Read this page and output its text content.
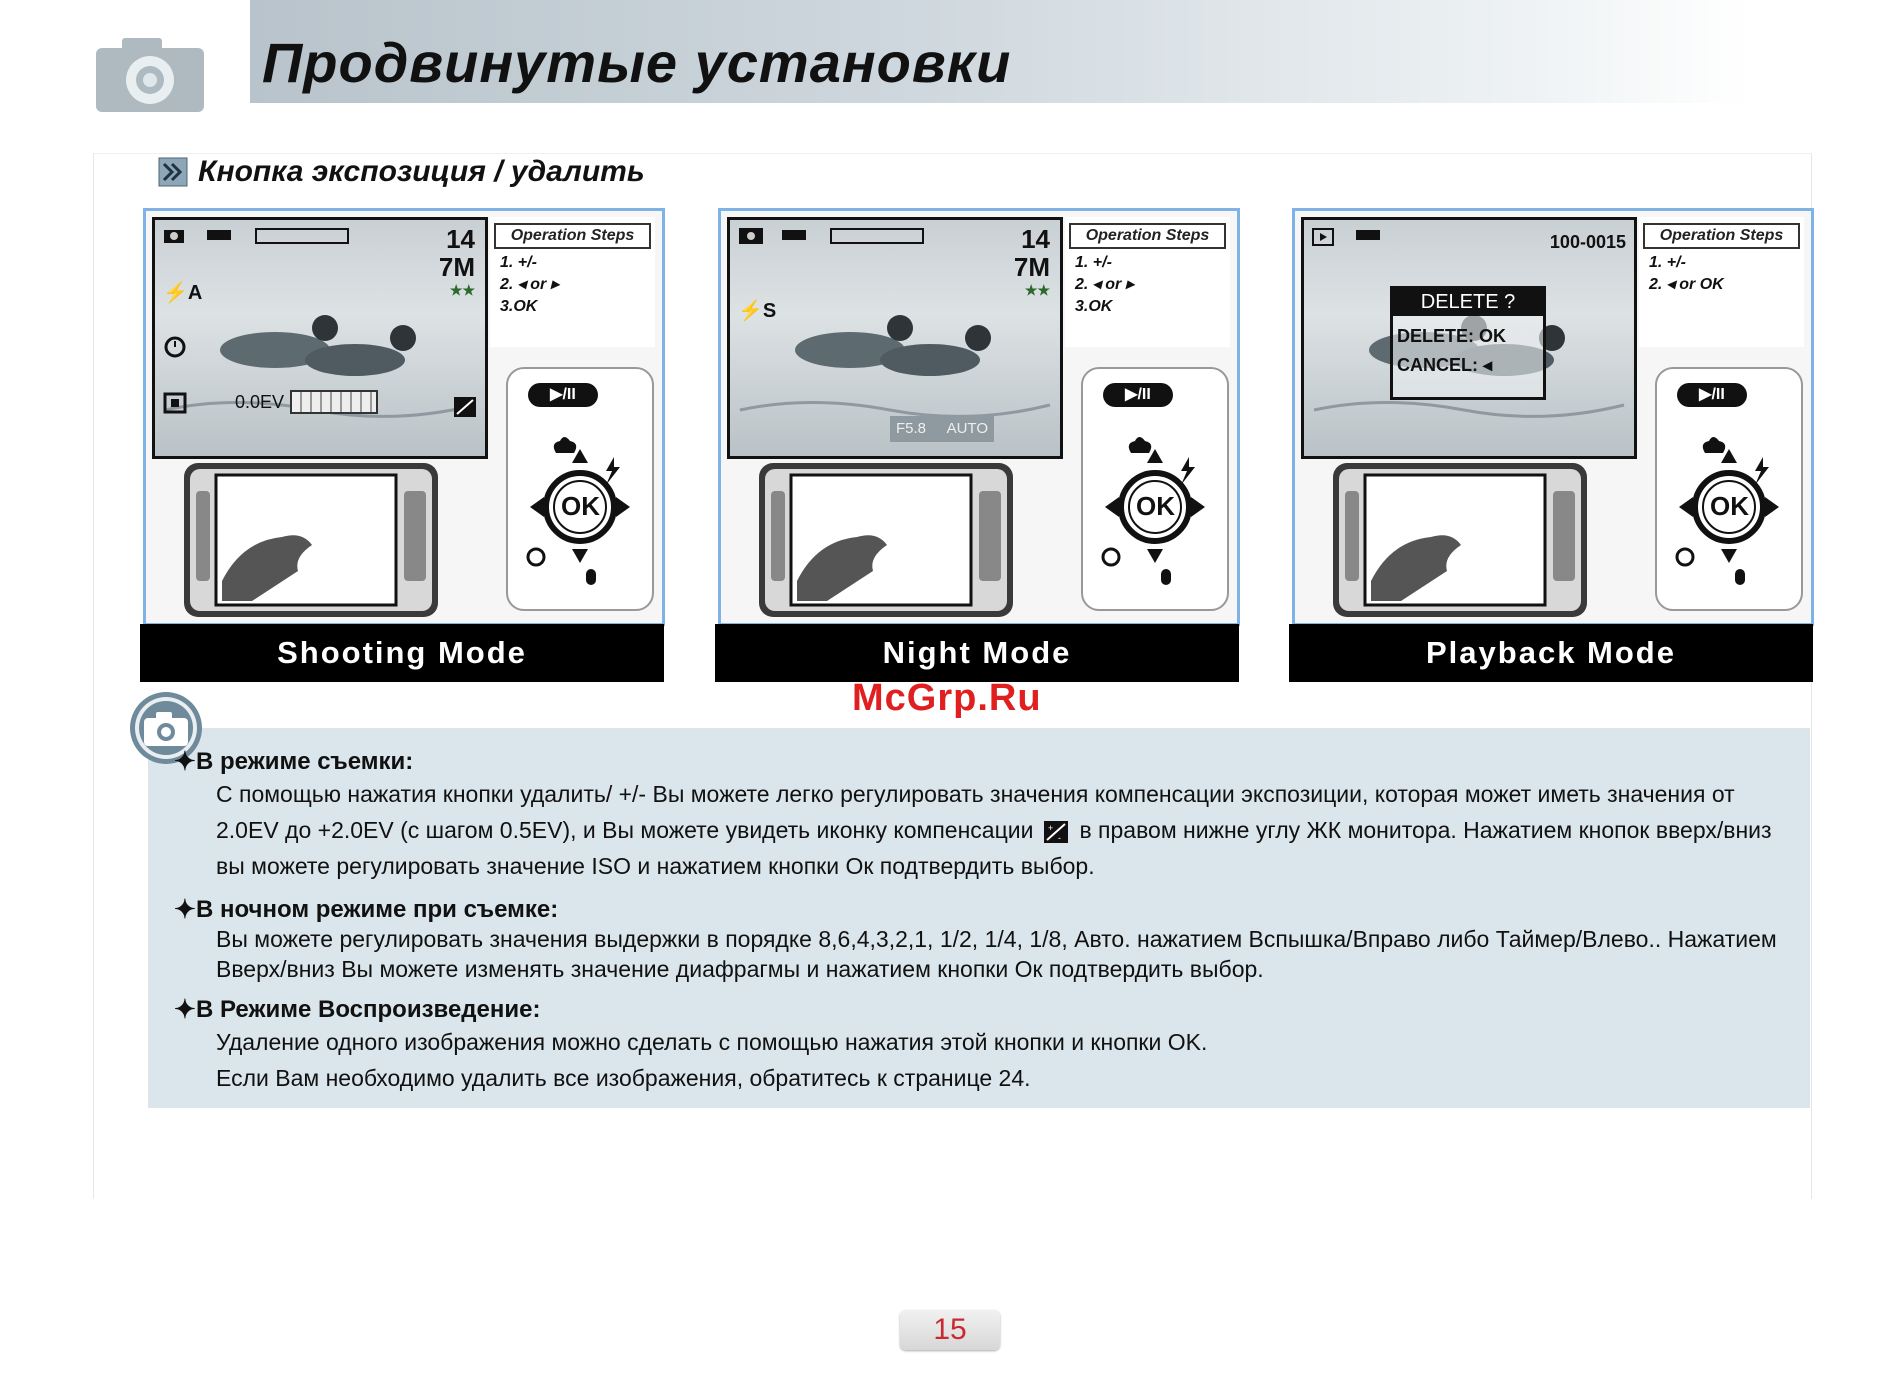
Продвинутые установки
Кнопка экспозиция / удалить
14
7M
★★
⚡A
0.0EV
Operation Steps
1. +/-
2. ◂ or ▸
3.OK
▶/II
OK
Shooting Mode
14
7M
★★
⚡S
F5.8 AUTO
Operation Steps
1. +/-
2. ◂ or ▸
3.OK
▶/II
OK
Night Mode
100-0015
DELETE ?
DELETE: OK
CANCEL: ◂
Operation Steps
1. +/-
2. ◂ or OK
▶/II
OK
Playback Mode
McGrp.Ru
✦ В режиме съемки:
С помощью нажатия кнопки удалить/ +/- Вы можете легко регулировать значения компенсации экспозиции, которая может иметь значения от 2.0EV до +2.0EV (с шагом 0.5EV), и Вы можете увидеть иконку компенсации +
- в правом нижне углу ЖК монитора. Нажатием кнопок вверх/вниз вы можете регулировать значение ISO и нажатием кнопки Ок подтвердить выбор.
✦ В ночном режиме при съемке:
Вы можете регулировать значения выдержки в порядке 8,6,4,3,2,1, 1/2, 1/4, 1/8, Авто. нажатием Вспышка/Вправо либо Таймер/Влево.. Нажатием Вверх/вниз Вы можете изменять значение диафрагмы и нажатием кнопки Ок подтвердить выбор.
✦ В Режиме Воспроизведение:
Удаление одного изображения можно сделать с помощью нажатия этой кнопки и кнопки OK.
Если Вам необходимо удалить все изображения, обратитесь к странице 24.
15
